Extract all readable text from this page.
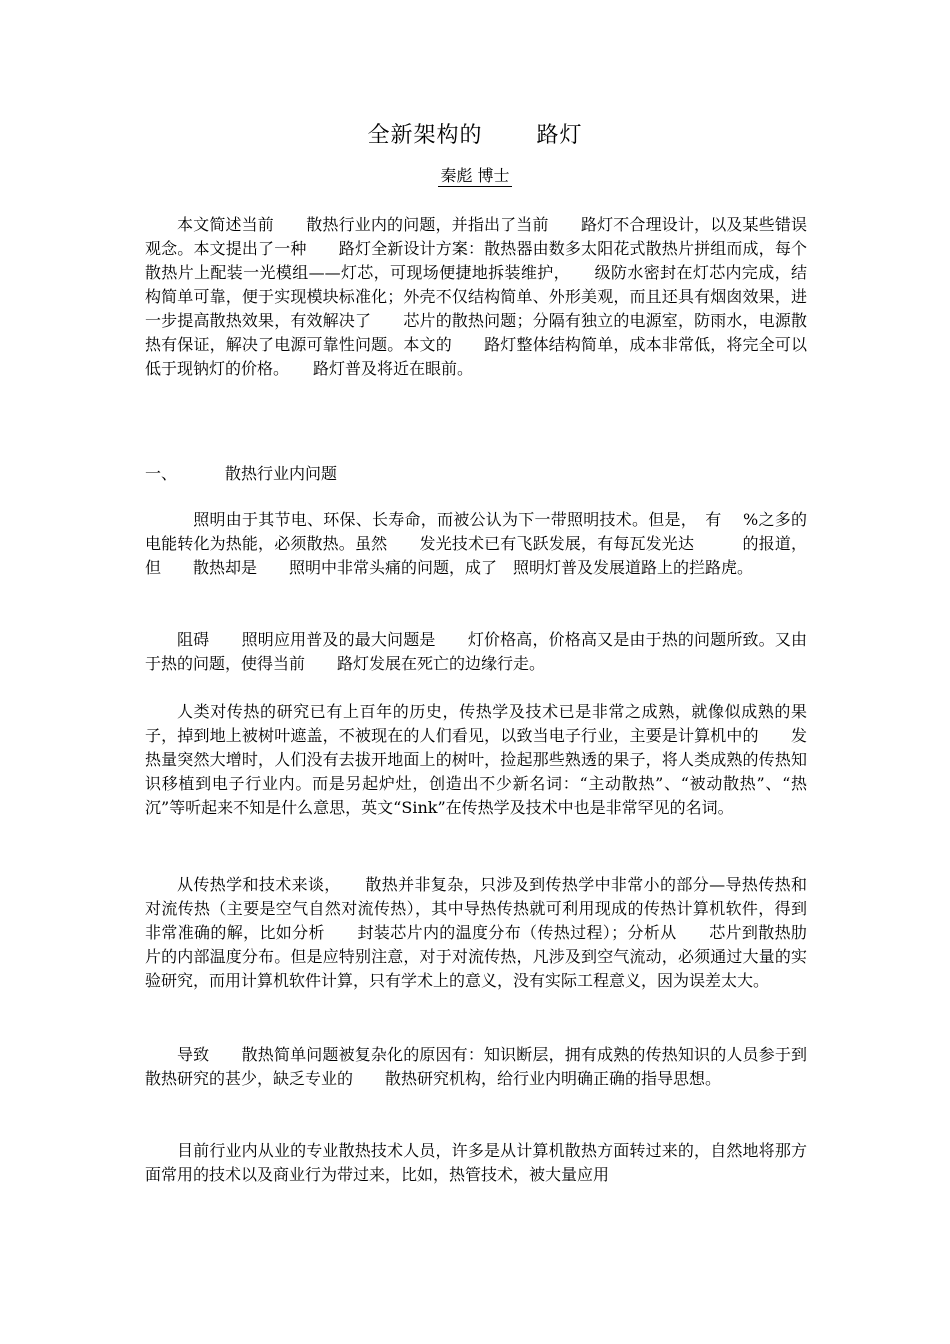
全新架构的 路灯
秦彪 博士

本文简述当前　　散热行业内的问题，并指出了当前　　路灯不合理设计，以及某些错误观念。本文提出了一种　　路灯全新设计方案：散热器由数多太阳花式散热片拼组而成，每个散热片上配装一光模组——灯芯，可现场便捷地拆装维护，　　级防水密封在灯芯内完成，结构简单可靠，便于实现模块标准化；外壳不仅结构简单、外形美观，而且还具有烟囱效果，进一步提高散热效果，有效解决了　　芯片的散热问题；分隔有独立的电源室，防雨水，电源散热有保证，解决了电源可靠性问题。本文的　　路灯整体结构简单，成本非常低，将完全可以低于现钠灯的价格。　　路灯普及将近在眼前。

一、	散热行业内问题

　照明由于其节电、环保、长寿命，而被公认为下一带照明技术。但是，　有　 %之多的电能转化为热能，必须散热。虽然　　发光技术已有飞跃发展，有每瓦发光达　　　的报道，但　　散热却是　　照明中非常头痛的问题，成了　照明灯普及发展道路上的拦路虎。

阻碍　　照明应用普及的最大问题是　　灯价格高，价格高又是由于热的问题所致。又由于热的问题，使得当前　　路灯发展在死亡的边缘行走。

人类对传热的研究已有上百年的历史，传热学及技术已是非常之成熟，就像似成熟的果子，掉到地上被树叶遮盖，不被现在的人们看见，以致当电子行业，主要是计算机中的　　发热量突然大增时，人们没有去拔开地面上的树叶，捡起那些熟透的果子，将人类成熟的传热知识移植到电子行业内。而是另起炉灶，创造出不少新名词：“主动散热”、“被动散热”、“热沉”等听起来不知是什么意思，英文“Sink”在传热学及技术中也是非常罕见的名词。

从传热学和技术来谈，　　散热并非复杂，只涉及到传热学中非常小的部分—导热传热和对流传热（主要是空气自然对流传热），其中导热传热就可利用现成的传热计算机软件，得到非常准确的解，比如分析　　封装芯片内的温度分布（传热过程）；分析从　　芯片到散热肋片的内部温度分布。但是应特别注意，对于对流传热，凡涉及到空气流动，必须通过大量的实验研究，而用计算机软件计算，只有学术上的意义，没有实际工程意义，因为误差太大。

导致　　散热简单问题被复杂化的原因有：知识断层，拥有成熟的传热知识的人员参于到　　散热研究的甚少，缺乏专业的　　散热研究机构，给行业内明确正确的指导思想。

目前行业内从业的专业散热技术人员，许多是从计算机散热方面转过来的，自然地将那方面常用的技术以及商业行为带过来，比如，热管技术，被大量应用
